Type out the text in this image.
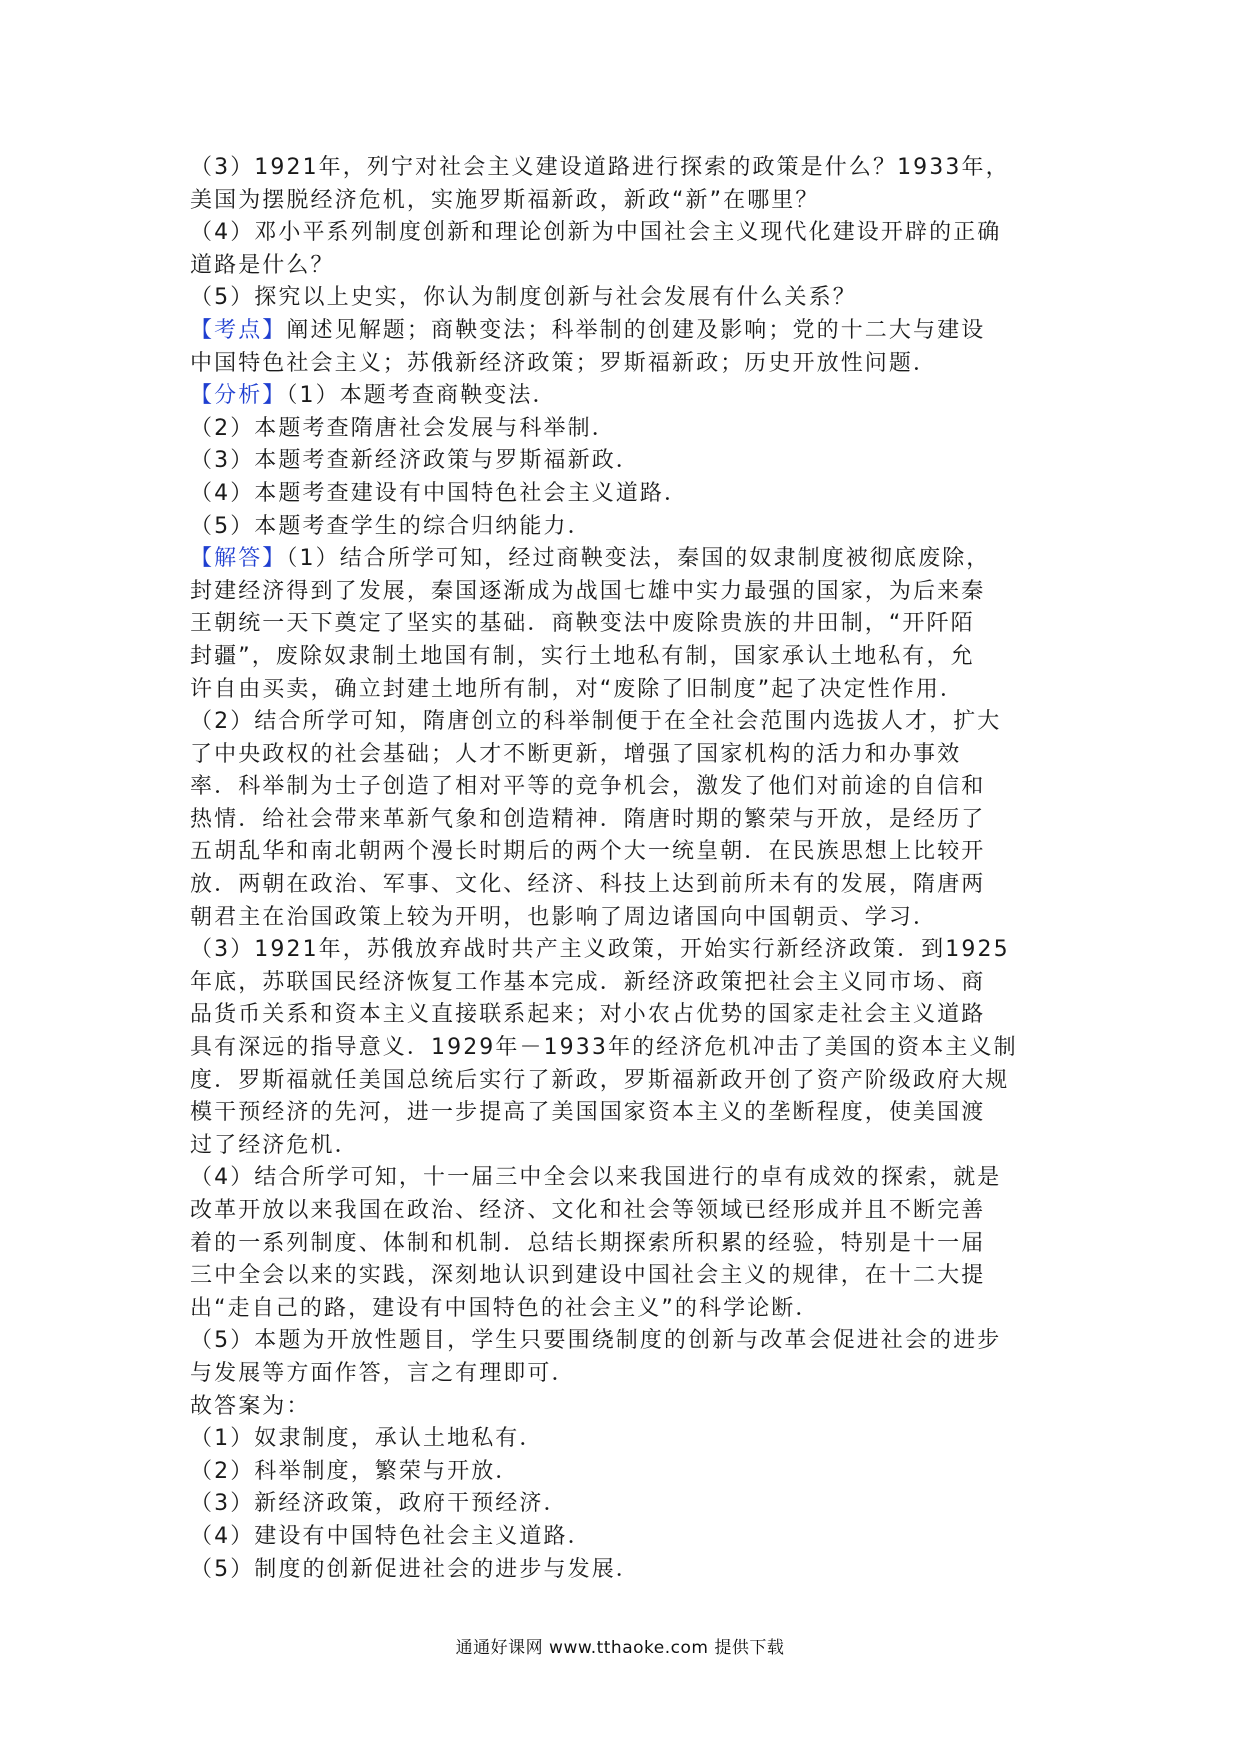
（3）1921年，列宁对社会主义建设道路进行探索的政策是什么？1933年，
美国为摆脱经济危机，实施罗斯福新政，新政“新”在哪里？
（4）邓小平系列制度创新和理论创新为中国社会主义现代化建设开辟的正确
道路是什么？
（5）探究以上史实，你认为制度创新与社会发展有什么关系？
【考点】阐述见解题；商鞅变法；科举制的创建及影响；党的十二大与建设
中国特色社会主义；苏俄新经济政策；罗斯福新政；历史开放性问题．
【分析】（1）本题考查商鞅变法．
（2）本题考查隋唐社会发展与科举制．
（3）本题考查新经济政策与罗斯福新政．
（4）本题考查建设有中国特色社会主义道路．
（5）本题考查学生的综合归纳能力．
【解答】（1）结合所学可知，经过商鞅变法，秦国的奴隶制度被彻底废除，
封建经济得到了发展，秦国逐渐成为战国七雄中实力最强的国家，为后来秦
王朝统一天下奠定了坚实的基础．商鞅变法中废除贵族的井田制，“开阡陌
封疆”，废除奴隶制土地国有制，实行土地私有制，国家承认土地私有，允
许自由买卖，确立封建土地所有制，对“废除了旧制度”起了决定性作用．
（2）结合所学可知，隋唐创立的科举制便于在全社会范围内选拔人才，扩大
了中央政权的社会基础；人才不断更新，增强了国家机构的活力和办事效
率．科举制为士子创造了相对平等的竞争机会，激发了他们对前途的自信和
热情．给社会带来革新气象和创造精神．隋唐时期的繁荣与开放，是经历了
五胡乱华和南北朝两个漫长时期后的两个大一统皇朝．在民族思想上比较开
放．两朝在政治、军事、文化、经济、科技上达到前所未有的发展，隋唐两
朝君主在治国政策上较为开明，也影响了周边诸国向中国朝贡、学习．
（3）1921年，苏俄放弃战时共产主义政策，开始实行新经济政策．到1925
年底，苏联国民经济恢复工作基本完成．新经济政策把社会主义同市场、商
品货币关系和资本主义直接联系起来；对小农占优势的国家走社会主义道路
具有深远的指导意义．1929年－1933年的经济危机冲击了美国的资本主义制
度．罗斯福就任美国总统后实行了新政，罗斯福新政开创了资产阶级政府大规
模干预经济的先河，进一步提高了美国国家资本主义的垄断程度，使美国渡
过了经济危机．
（4）结合所学可知，十一届三中全会以来我国进行的卓有成效的探索，就是
改革开放以来我国在政治、经济、文化和社会等领域已经形成并且不断完善
着的一系列制度、体制和机制．总结长期探索所积累的经验，特别是十一届
三中全会以来的实践，深刻地认识到建设中国社会主义的规律，在十二大提
出“走自己的路，建设有中国特色的社会主义”的科学论断．
（5）本题为开放性题目，学生只要围绕制度的创新与改革会促进社会的进步
与发展等方面作答，言之有理即可．
故答案为：
（1）奴隶制度，承认土地私有．
（2）科举制度，繁荣与开放．
（3）新经济政策，政府干预经济．
（4）建设有中国特色社会主义道路．
（5）制度的创新促进社会的进步与发展．
通通好课网 www.tthaoke.com 提供下载
